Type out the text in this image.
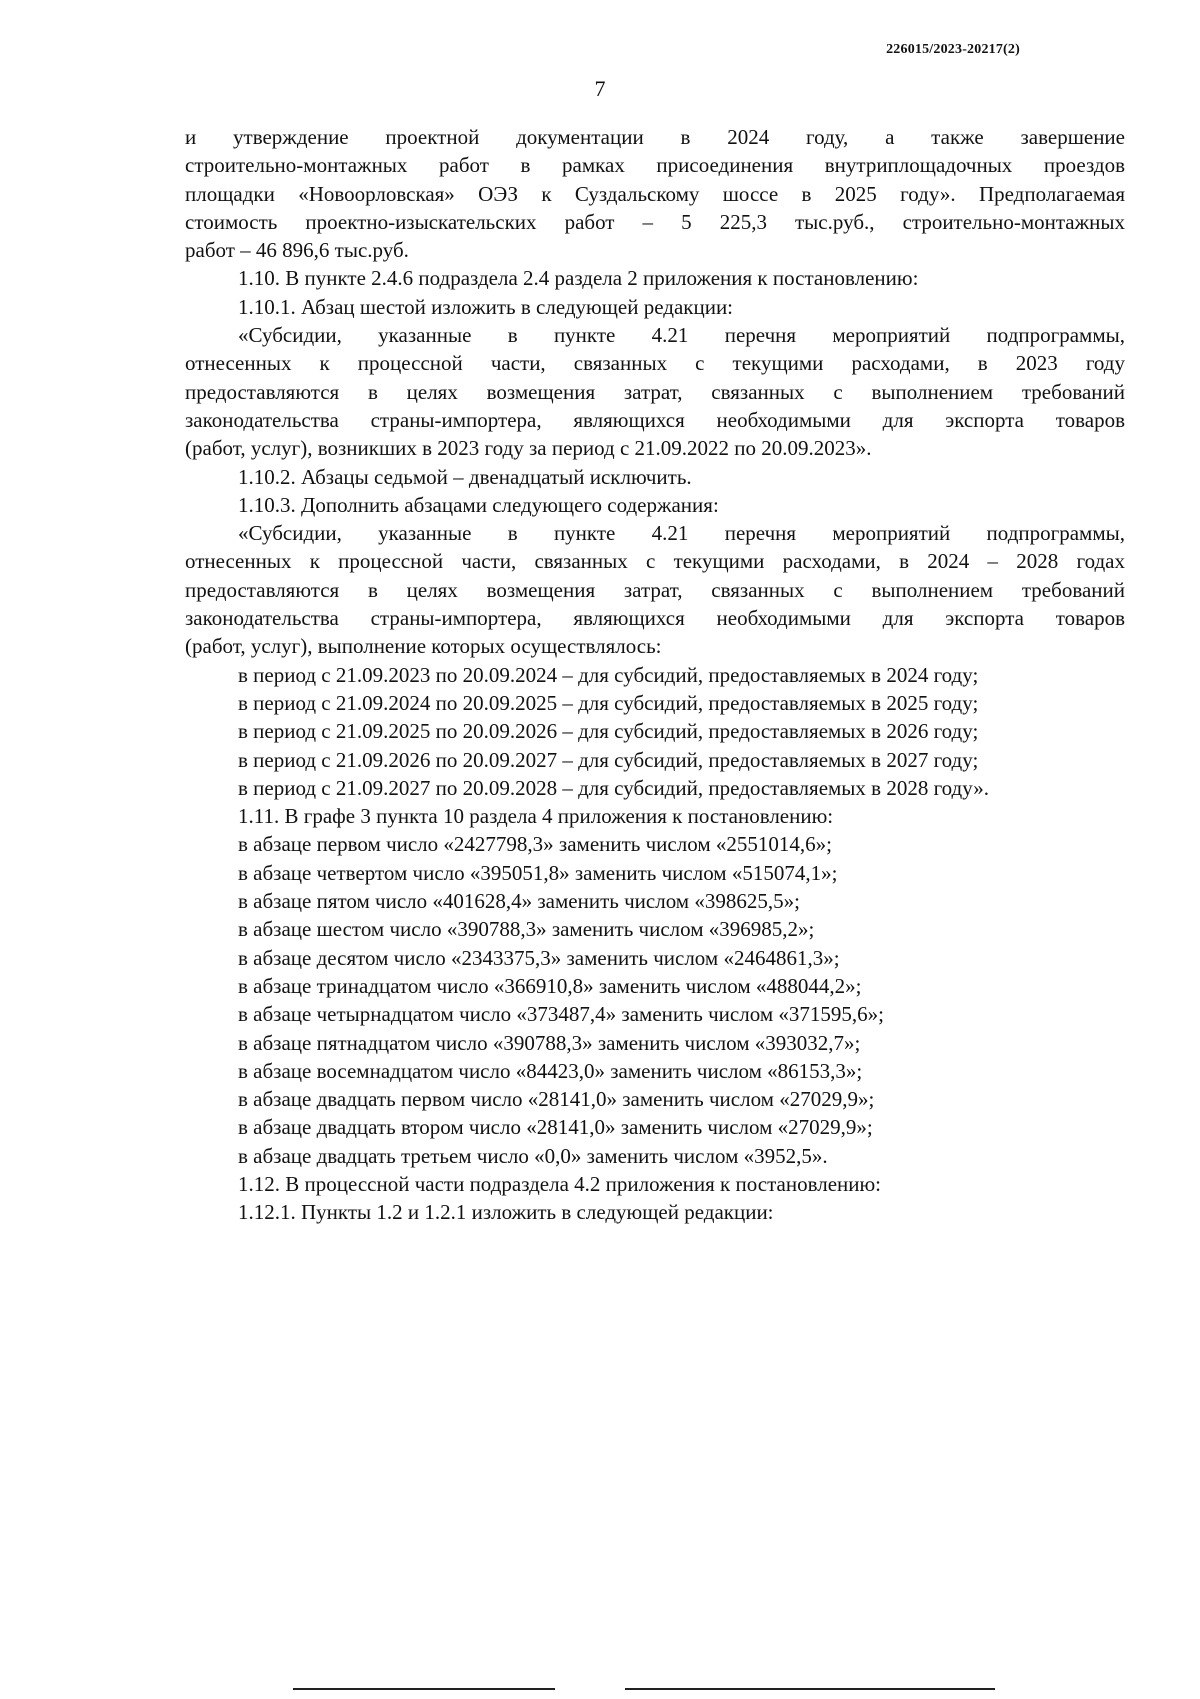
226015/2023-20217(2)
7
и утверждение проектной документации в 2024 году, а также завершение
строительно-монтажных работ в рамках присоединения внутриплощадочных проездов
площадки «Новоорловская» ОЭЗ к Суздальскому шоссе в 2025 году». Предполагаемая
стоимость проектно-изыскательских работ – 5 225,3 тыс.руб., строительно-монтажных
работ – 46 896,6 тыс.руб.
1.10. В пункте 2.4.6 подраздела 2.4 раздела 2 приложения к постановлению:
1.10.1. Абзац шестой изложить в следующей редакции:
«Субсидии, указанные в пункте 4.21 перечня мероприятий подпрограммы,
отнесенных к процессной части, связанных с текущими расходами, в 2023 году
предоставляются в целях возмещения затрат, связанных с выполнением требований
законодательства страны-импортера, являющихся необходимыми для экспорта товаров
(работ, услуг), возникших в 2023 году за период с 21.09.2022 по 20.09.2023».
1.10.2. Абзацы седьмой – двенадцатый исключить.
1.10.3. Дополнить абзацами следующего содержания:
«Субсидии, указанные в пункте 4.21 перечня мероприятий подпрограммы,
отнесенных к процессной части, связанных с текущими расходами, в 2024 – 2028 годах
предоставляются в целях возмещения затрат, связанных с выполнением требований
законодательства страны-импортера, являющихся необходимыми для экспорта товаров
(работ, услуг), выполнение которых осуществлялось:
в период с 21.09.2023 по 20.09.2024 – для субсидий, предоставляемых в 2024 году;
в период с 21.09.2024 по 20.09.2025 – для субсидий, предоставляемых в 2025 году;
в период с 21.09.2025 по 20.09.2026 – для субсидий, предоставляемых в 2026 году;
в период с 21.09.2026 по 20.09.2027 – для субсидий, предоставляемых в 2027 году;
в период с 21.09.2027 по 20.09.2028 – для субсидий, предоставляемых в 2028 году».
1.11. В графе 3 пункта 10 раздела 4 приложения к постановлению:
в абзаце первом число «2427798,3» заменить числом «2551014,6»;
в абзаце четвертом число «395051,8» заменить числом «515074,1»;
в абзаце пятом число «401628,4» заменить числом «398625,5»;
в абзаце шестом число «390788,3» заменить числом «396985,2»;
в абзаце десятом число «2343375,3» заменить числом «2464861,3»;
в абзаце тринадцатом число «366910,8» заменить числом «488044,2»;
в абзаце четырнадцатом число «373487,4» заменить числом «371595,6»;
в абзаце пятнадцатом число «390788,3» заменить числом «393032,7»;
в абзаце восемнадцатом число «84423,0» заменить числом «86153,3»;
в абзаце двадцать первом число «28141,0» заменить числом «27029,9»;
в абзаце двадцать втором число «28141,0» заменить числом «27029,9»;
в абзаце двадцать третьем число «0,0» заменить числом «3952,5».
1.12. В процессной части подраздела 4.2 приложения к постановлению:
1.12.1. Пункты 1.2 и 1.2.1 изложить в следующей редакции:
